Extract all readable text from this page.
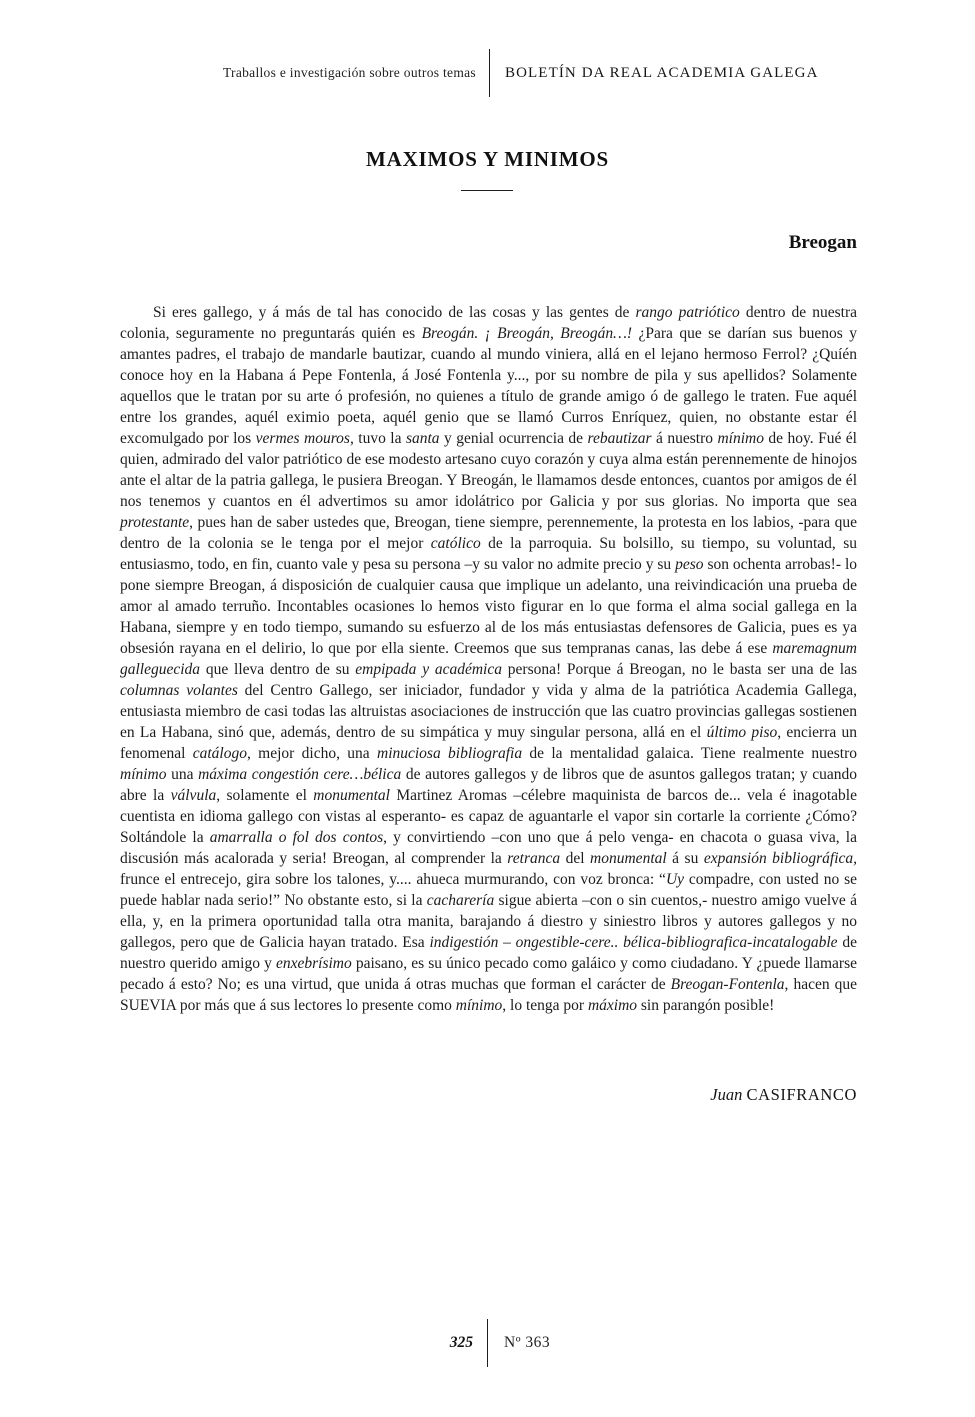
Traballos e investigación sobre outros temas	BOLETÍN DA REAL ACADEMIA GALEGA
MAXIMOS Y MINIMOS
Breogan

Si eres gallego, y á más de tal has conocido de las cosas y las gentes de rango patriótico dentro de nuestra colonia, seguramente no preguntarás quién es Breogán. ¡ Breogán, Breogán…! ¿Para que se darían sus buenos y amantes padres, el trabajo de mandarle bautizar, cuando al mundo viniera, allá en el lejano hermoso Ferrol? ¿Quíén conoce hoy en la Habana á Pepe Fontenla, á José Fontenla y..., por su nombre de pila y sus apellidos? Solamente aquellos que le tratan por su arte ó profesión, no quienes a título de grande amigo ó de gallego le traten. Fue aquél entre los grandes, aquél eximio poeta, aquél genio que se llamó Curros Enríquez, quien, no obstante estar él excomulgado por los vermes mouros, tuvo la santa y genial ocurrencia de rebautizar á nuestro mínimo de hoy. Fué él quien, admirado del valor patriótico de ese modesto artesano cuyo corazón y cuya alma están perennemente de hinojos ante el altar de la patria gallega, le pusiera Breogan. Y Breogán, le llamamos desde entonces, cuantos por amigos de él nos tenemos y cuantos en él advertimos su amor idolátrico por Galicia y por sus glorias. No importa que sea protestante, pues han de saber ustedes que, Breogan, tiene siempre, perennemente, la protesta en los labios, -para que dentro de la colonia se le tenga por el mejor católico de la parroquia. Su bolsillo, su tiempo, su voluntad, su entusiasmo, todo, en fin, cuanto vale y pesa su persona –y su valor no admite precio y su peso son ochenta arrobas!- lo pone siempre Breogan, á disposición de cualquier causa que implique un adelanto, una reivindicación una prueba de amor al amado terruño. Incontables ocasiones lo hemos visto figurar en lo que forma el alma social gallega en la Habana, siempre y en todo tiempo, sumando su esfuerzo al de los más entusiastas defensores de Galicia, pues es ya obsesión rayana en el delirio, lo que por ella siente. Creemos que sus tempranas canas, las debe á ese maremagnum galleguecida que lleva dentro de su empipada y académica persona! Porque á Breogan, no le basta ser una de las columnas volantes del Centro Gallego, ser iniciador, fundador y vida y alma de la patriótica Academia Gallega, entusiasta miembro de casi todas las altruistas asociaciones de instrucción que las cuatro provincias gallegas sostienen en La Habana, sinó que, además, dentro de su simpática y muy singular persona, allá en el último piso, encierra un fenomenal catálogo, mejor dicho, una minuciosa bibliografia de la mentalidad galaica. Tiene realmente nuestro mínimo una máxima congestión cere…bélica de autores gallegos y de libros que de asuntos gallegos tratan; y cuando abre la válvula, solamente el monumental Martinez Aromas –célebre maquinista de barcos de... vela é inagotable cuentista en idioma gallego con vistas al esperanto- es capaz de aguantarle el vapor sin cortarle la corriente ¿Cómo? Soltándole la amarralla o fol dos contos, y convirtiendo –con uno que á pelo venga- en chacota o guasa viva, la discusión más acalorada y seria! Breogan, al comprender la retranca del monumental á su expansión bibliográfica, frunce el entrecejo, gira sobre los talones, y.... ahueca murmurando, con voz bronca: “Uy compadre, con usted no se puede hablar nada serio!” No obstante esto, si la cacharería sigue abierta –con o sin cuentos,- nuestro amigo vuelve á ella, y, en la primera oportunidad talla otra manita, barajando á diestro y siniestro libros y autores gallegos y no gallegos, pero que de Galicia hayan tratado. Esa indigestión – ongestible-cere.. bélica-bibliografica-incatalogable de nuestro querido amigo y enxebrísimo paisano, es su único pecado como galáico y como ciudadano. Y ¿puede llamarse pecado á esto? No; es una virtud, que unida á otras muchas que forman el carácter de Breogan-Fontenla, hacen que SUEVIA por más que á sus lectores lo presente como mínimo, lo tenga por máximo sin parangón posible!

Juan CASIFRANCO
325	Nº 363
